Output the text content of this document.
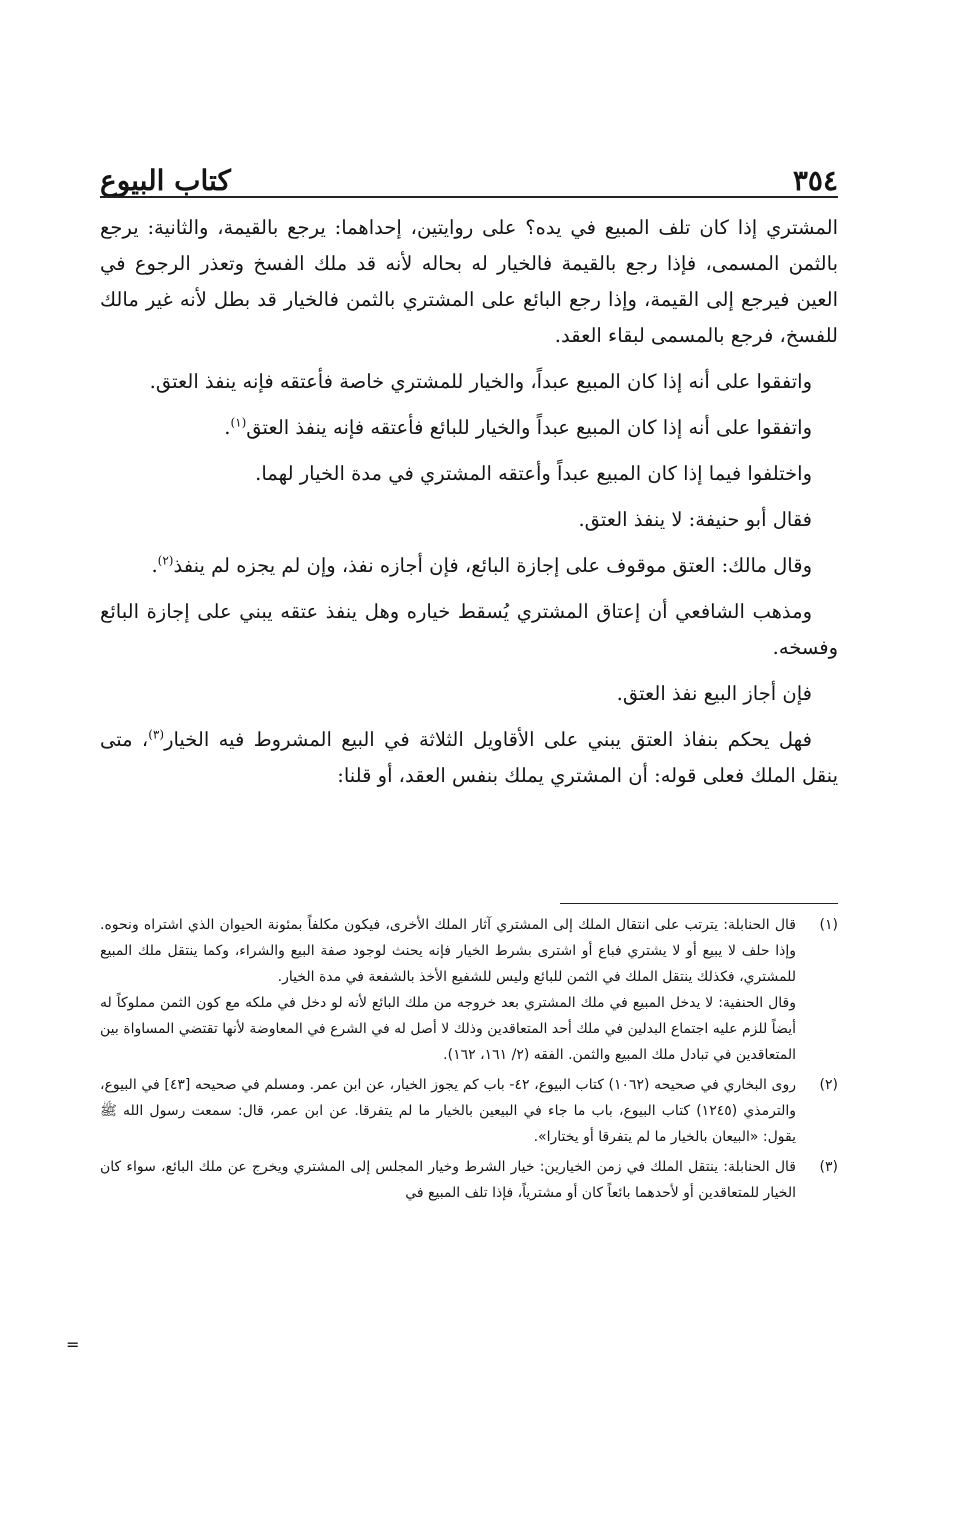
٣٥٤
كتاب البيوع

المشتري إذا كان تلف المبيع في يده؟ على روايتين، إحداهما: يرجع بالقيمة، والثانية: يرجع بالثمن المسمى، فإذا رجع بالقيمة فالخيار له بحاله لأنه قد ملك الفسخ وتعذر الرجوع في العين فيرجع إلى القيمة، وإذا رجع البائع على المشتري بالثمن فالخيار قد بطل لأنه غير مالك للفسخ، فرجع بالمسمى لبقاء العقد.

واتفقوا على أنه إذا كان المبيع عبداً، والخيار للمشتري خاصة فأعتقه فإنه ينفذ العتق.

واتفقوا على أنه إذا كان المبيع عبداً والخيار للبائع فأعتقه فإنه ينفذ العتق$^{(١)}$.

واختلفوا فيما إذا كان المبيع عبداً وأعتقه المشتري في مدة الخيار لهما.

فقال أبو حنيفة: لا ينفذ العتق.

وقال مالك: العتق موقوف على إجازة البائع، فإن أجازه نفذ، وإن لم يجزه لم ينفذ$^{(٢)}$.

ومذهب الشافعي أن إعتاق المشتري يُسقط خياره وهل ينفذ عتقه يبني على إجازة البائع وفسخه.

فإن أجاز البيع نفذ العتق.

فهل يحكم بنفاذ العتق يبني على الأقاويل الثلاثة في البيع المشروط فيه الخيار$^{(٣)}$، متى ينقل الملك فعلى قوله: أن المشتري يملك بنفس العقد، أو قلنا:

(١)

قال الحنابلة: يترتب على انتقال الملك إلى المشتري آثار الملك الأخرى، فيكون مكلفاً بمئونة الحيوان الذي اشتراه ونحوه. وإذا حلف لا يبيع أو لا يشتري فباع أو اشترى بشرط الخيار فإنه يحنث لوجود صفة البيع والشراء، وكما ينتقل ملك المبيع للمشتري، فكذلك ينتقل الملك في الثمن للبائع وليس للشفيع الأخذ بالشفعة في مدة الخيار.

وقال الحنفية: لا يدخل المبيع في ملك المشتري بعد خروجه من ملك البائع لأنه لو دخل في ملكه مع كون الثمن مملوكاً له أيضاً للزم عليه اجتماع البدلين في ملك أحد المتعاقدين وذلك لا أصل له في الشرع في المعاوضة لأنها تقتضي المساواة بين المتعاقدين في تبادل ملك المبيع والثمن. الفقه (٢/ ١٦١، ١٦٢).

(٢)

روى البخاري في صحيحه (١٠٦٢) كتاب البيوع، ٤٢- باب كم يجوز الخيار، عن ابن عمر. ومسلم في صحيحه [٤٣] في البيوع، والترمذي (١٢٤٥) كتاب البيوع، باب ما جاء في البيعين بالخيار ما لم يتفرقا. عن ابن عمر، قال: سمعت رسول الله ﷺ يقول: «البيعان بالخيار ما لم يتفرقا أو يختارا».

(٣)

قال الحنابلة: ينتقل الملك في زمن الخيارين: خيار الشرط وخيار المجلس إلى المشتري ويخرج عن ملك البائع، سواء كان الخيار للمتعاقدين أو لأحدهما بائعاً كان أو مشترياً، فإذا تلف المبيع في

=
